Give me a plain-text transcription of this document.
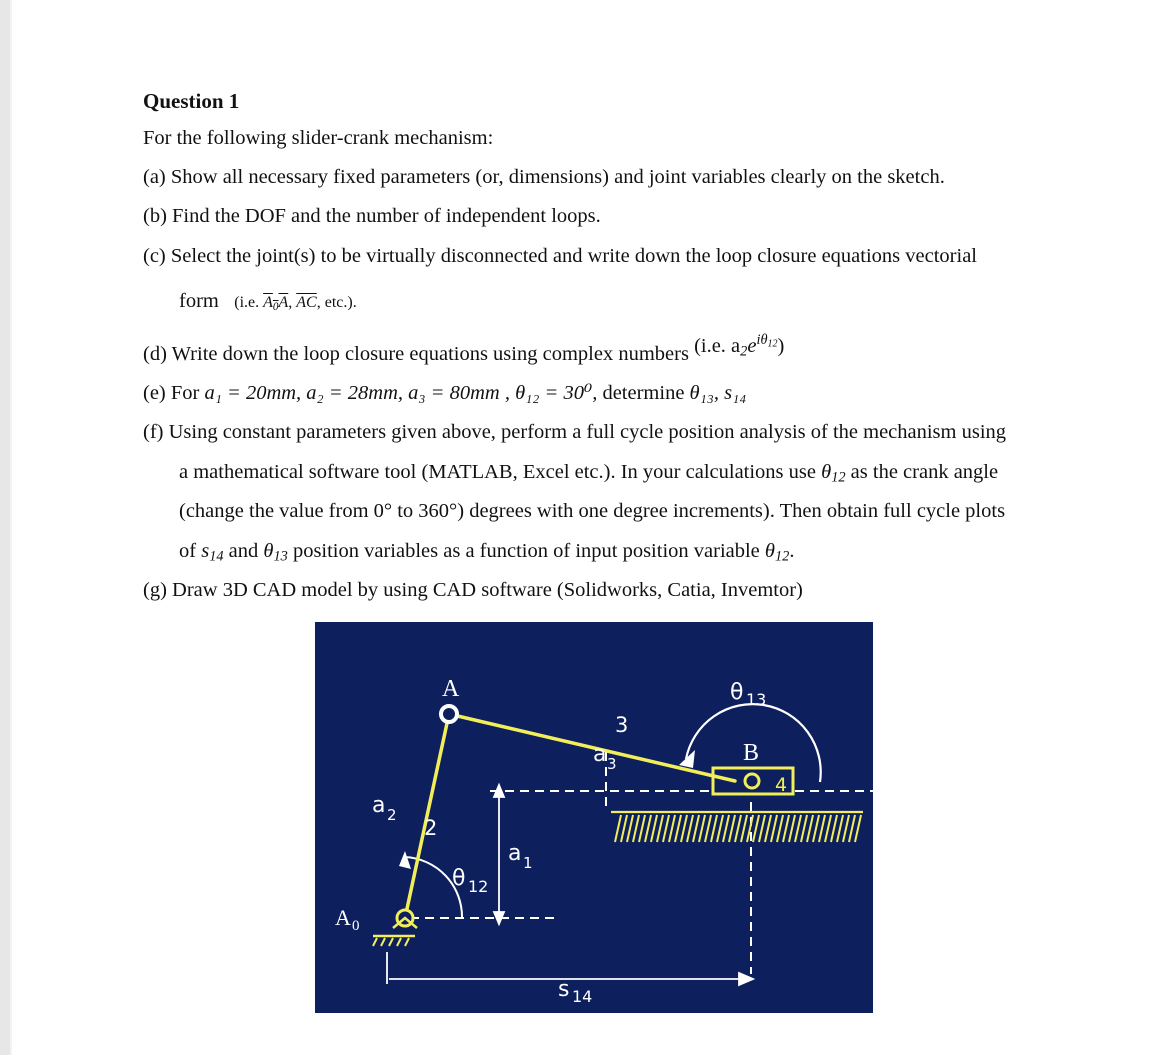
Question 1
For the following slider-crank mechanism:
(a) Show all necessary fixed parameters (or, dimensions) and joint variables clearly on the sketch.
(b) Find the DOF and the number of independent loops.
(c) Select the joint(s) to be virtually disconnected and write down the loop closure equations vectorial
form (i.e. $A_0A$, $\overline{AC}$, etc.).
(d) Write down the loop closure equations using complex numbers (i.e. $a_2e^{i\theta_{12}}$)
(e) For a₁ = 20mm, a₂ = 28mm, a₃ = 80mm , θ₁₂ = 30⁰, determine θ₁₃, s₁₄
(f) Using constant parameters given above, perform a full cycle position analysis of the mechanism using
a mathematical software tool (MATLAB, Excel etc.). In your calculations use $\theta_{12}$ as the crank angle
(change the value from 0° to 360°) degrees with one degree increments). Then obtain full cycle plots
of $s_{14}$ and $\theta_{13}$ position variables as a function of input position variable $\theta_{12}$.
(g) Draw 3D CAD model by using CAD software (Solidworks, Catia, Invemtor)
A
B
A 0
2
3
4
a 2
a 3
a 1
θ 12
θ 13
s 14
